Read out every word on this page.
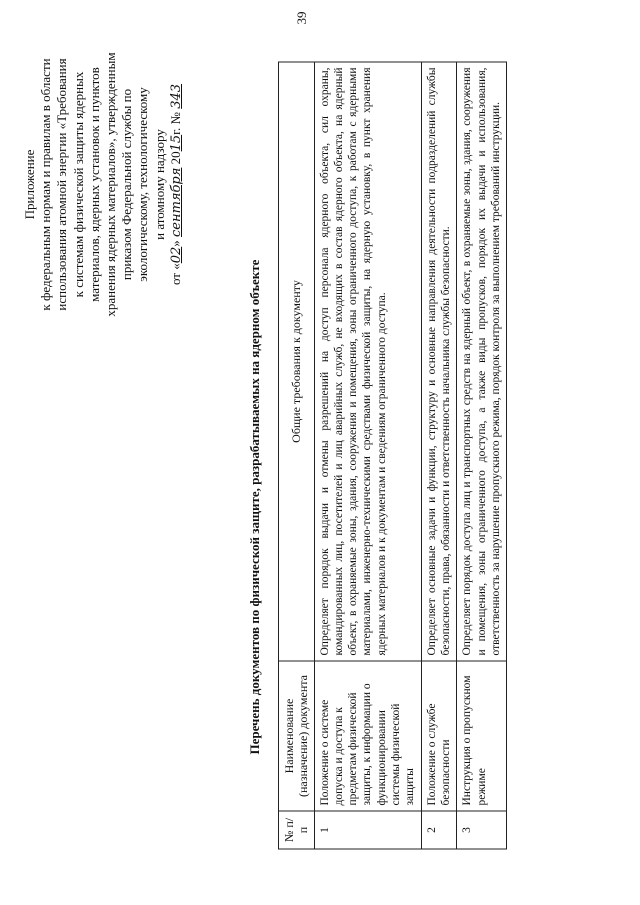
39
Приложение к федеральным нормам и правилам в области использования атомной энергии «Требования к системам физической защиты ядерных материалов, ядерных установок и пунктов хранения ядерных материалов», утвержденным приказом Федеральной службы по экологическому, технологическому и атомному надзору
от «02» сентября 2015г. № 343
Перечень документов по физической защите, разрабатываемых на ядерном объекте
№ п/п	Наименование (назначение) документа	Общие требования к документу
1	Положение о системе допуска и доступа к предметам физической защиты, к информации о функционировании системы физической защиты	Определяет порядок выдачи и отмены разрешений на доступ персонала ядерного объекта, сил охраны, командированных лиц, посетителей и лиц аварийных служб, не входящих в состав ядерного объекта, на ядерный объект, в охраняемые зоны, здания, сооружения и помещения, зоны ограниченного доступа, к работам с ядерными материалами, инженерно-техническими средствами физической защиты, на ядерную установку, в пункт хранения ядерных материалов и к документам и сведениям ограниченного доступа.
2	Положение о службе безопасности	Определяет основные задачи и функции, структуру и основные направления деятельности подразделений службы безопасности, права, обязанности и ответственность начальника службы безопасности.
3	Инструкция о пропускном режиме	Определяет порядок доступа лиц и транспортных средств на ядерный объект, в охраняемые зоны, здания, сооружения и помещения, зоны ограниченного доступа, а также виды пропусков, порядок их выдачи и использования, ответственность за нарушение пропускного режима, порядок контроля за выполнением требований инструкции.
